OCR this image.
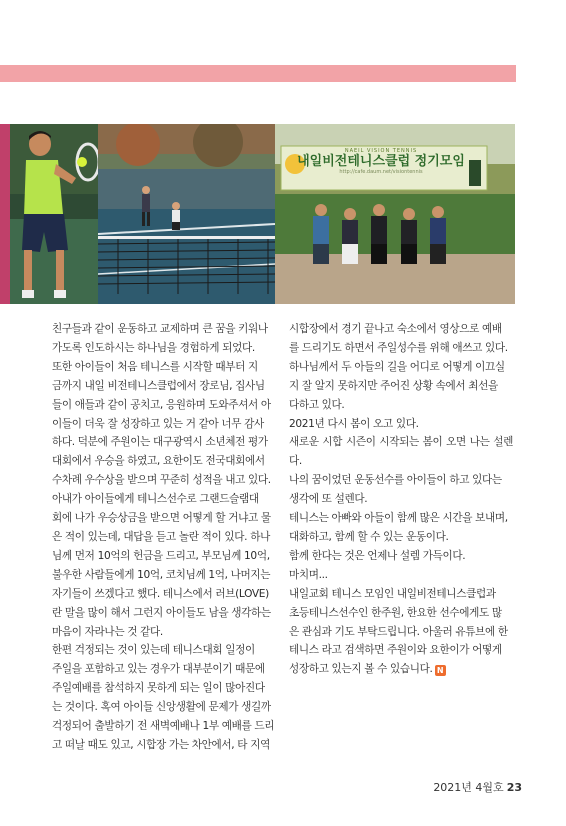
NAEIL VISION TENNIS
내일비전테니스클럽 정기모임
http://cafe.daum.net/visiontennis

친구들과 같이 운동하고 교제하며 큰 꿈을 키워나
가도록 인도하시는 하나님을 경험하게 되었다.
또한 아이들이 처음 테니스를 시작할 때부터 지
금까지 내일 비전테니스클럽에서 장로님, 집사님
들이 애들과 같이 공치고, 응원하며 도와주셔서 아
이들이 더욱 잘 성장하고 있는 거 같아 너무 감사
하다. 덕분에 주원이는 대구광역시 소년체전 평가
대회에서 우승을 하였고, 요한이도 전국대회에서
수차례 우수상을 받으며 꾸준히 성적을 내고 있다.
아내가 아이들에게 테니스선수로 그랜드슬램대
회에 나가 우승상금을 받으면 어떻게 할 거냐고 물
은 적이 있는데, 대답을 듣고 놀란 적이 있다. 하나
님께 먼저 10억의 헌금을 드리고, 부모님께 10억,
불우한 사람들에게 10억, 코치님께 1억, 나머지는
자기들이 쓰겠다고 했다. 테니스에서 러브(LOVE)
란 말을 많이 해서 그런지 아이들도 남을 생각하는
마음이 자라나는 것 같다.
한편 걱정되는 것이 있는데 테니스대회 일정이
주일을 포함하고 있는 경우가 대부분이기 때문에
주일예배를 참석하지 못하게 되는 일이 많아진다
는 것이다. 혹여 아이들 신앙생활에 문제가 생길까
걱정되어 출발하기 전 새벽예배나 1부 예배를 드리
고 떠날 때도 있고, 시합장 가는 차안에서, 타 지역

시합장에서 경기 끝나고 숙소에서 영상으로 예배
를 드리기도 하면서 주일성수를 위해 애쓰고 있다.
하나님께서 두 아들의 길을 어디로 어떻게 이끄실
지 잘 알지 못하지만 주어진 상황 속에서 최선을
다하고 있다.
2021년 다시 봄이 오고 있다.
새로운 시합 시즌이 시작되는 봄이 오면 나는 설렌다.
나의 꿈이었던 운동선수를 아이들이 하고 있다는
생각에 또 설렌다.
테니스는 아빠와 아들이 함께 많은 시간을 보내며,
대화하고, 함께 할 수 있는 운동이다.
함께 한다는 것은 언제나 설렘 가득이다.
마치며...
내일교회 테니스 모임인 내일비전테니스클럽과
초등테니스선수인 한주원, 한요한 선수에게도 많
은 관심과 기도 부탁드립니다. 아울러 유튜브에 한
테니스 라고 검색하면 주원이와 요한이가 어떻게
성장하고 있는지 볼 수 있습니다. N

2021년 4월호 23
